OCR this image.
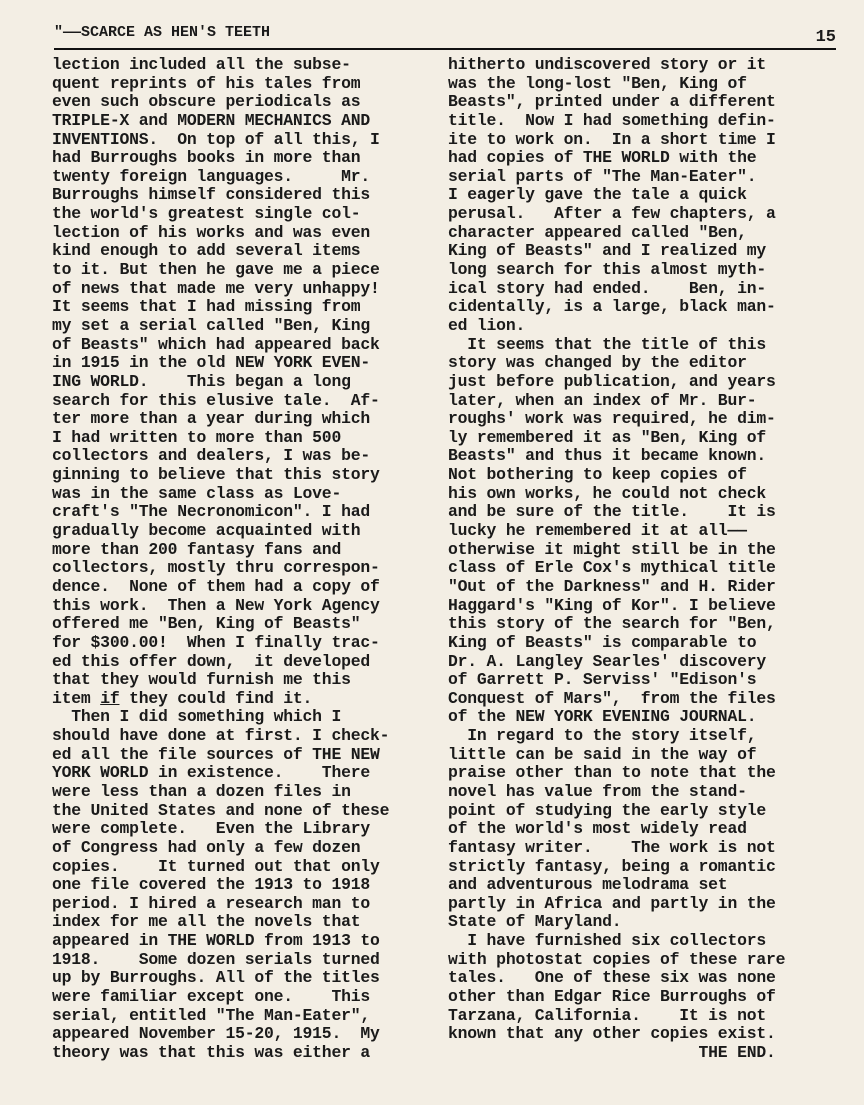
"——SCARCE AS HEN'S TEETH	15
lection included all the subse-
quent reprints of his tales from
even such obscure periodicals as
TRIPLE-X and MODERN MECHANICS AND
INVENTIONS.  On top of all this, I
had Burroughs books in more than
twenty foreign languages.     Mr.
Burroughs himself considered this
the world's greatest single col-
lection of his works and was even
kind enough to add several items
to it. But then he gave me a piece
of news that made me very unhappy!
It seems that I had missing from
my set a serial called "Ben, King
of Beasts" which had appeared back
in 1915 in the old NEW YORK EVEN-
ING WORLD.    This began a long
search for this elusive tale.  Af-
ter more than a year during which
I had written to more than 500
collectors and dealers, I was be-
ginning to believe that this story
was in the same class as Love-
craft's "The Necronomicon". I had
gradually become acquainted with
more than 200 fantasy fans and
collectors, mostly thru correspon-
dence.  None of them had a copy of
this work.  Then a New York Agency
offered me "Ben, King of Beasts"
for $300.00!  When I finally trac-
ed this offer down,  it developed
that they would furnish me this
item if they could find it.
Then I did something which I
should have done at first. I check-
ed all the file sources of THE NEW
YORK WORLD in existence.    There
were less than a dozen files in
the United States and none of these
were complete.   Even the Library
of Congress had only a few dozen
copies.    It turned out that only
one file covered the 1913 to 1918
period. I hired a research man to
index for me all the novels that
appeared in THE WORLD from 1913 to
1918.    Some dozen serials turned
up by Burroughs. All of the titles
were familiar except one.    This
serial, entitled "The Man-Eater",
appeared November 15-20, 1915.  My
theory was that this was either a
hitherto undiscovered story or it
was the long-lost "Ben, King of
Beasts", printed under a different
title.  Now I had something defin-
ite to work on.  In a short time I
had copies of THE WORLD with the
serial parts of "The Man-Eater".
I eagerly gave the tale a quick
perusal.   After a few chapters, a
character appeared called "Ben,
King of Beasts" and I realized my
long search for this almost myth-
ical story had ended.    Ben, in-
cidentally, is a large, black man-
ed lion.
It seems that the title of this
story was changed by the editor
just before publication, and years
later, when an index of Mr. Bur-
roughs' work was required, he dim-
ly remembered it as "Ben, King of
Beasts" and thus it became known.
Not bothering to keep copies of
his own works, he could not check
and be sure of the title.    It is
lucky he remembered it at all——
otherwise it might still be in the
class of Erle Cox's mythical title
"Out of the Darkness" and H. Rider
Haggard's "King of Kor". I believe
this story of the search for "Ben,
King of Beasts" is comparable to
Dr. A. Langley Searles' discovery
of Garrett P. Serviss' "Edison's
Conquest of Mars",  from the files
of the NEW YORK EVENING JOURNAL.
In regard to the story itself,
little can be said in the way of
praise other than to note that the
novel has value from the stand-
point of studying the early style
of the world's most widely read
fantasy writer.    The work is not
strictly fantasy, being a romantic
and adventurous melodrama set
partly in Africa and partly in the
State of Maryland.
I have furnished six collectors
with photostat copies of these rare
tales.   One of these six was none
other than Edgar Rice Burroughs of
Tarzana, California.    It is not
known that any other copies exist.
THE END.
